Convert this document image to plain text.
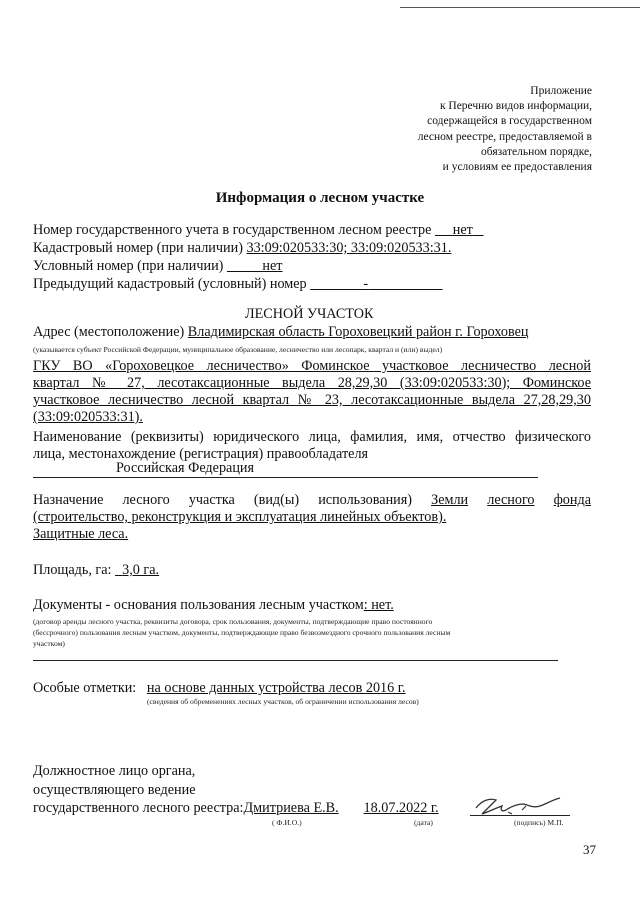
Приложение
к Перечню видов информации,
содержащейся в государственном
лесном реестре, предоставляемой в
обязательном порядке,
и условиям ее предоставления
Информация о лесном участке
Номер государственного учета в государственном лесном реестре нет
Кадастровый номер (при наличии) 33:09:020533:30; 33:09:020533:31.
Условный номер (при наличии)	нет
Предыдущий кадастровый (условный) номер	-
ЛЕСНОЙ УЧАСТОК
Адрес (местоположение) Владимирская область Гороховецкий район г. Гороховец
(указывается субъект Российской Федерации, муниципальное образование, лесничество или лесопарк, квартал и (или) выдел)
ГКУ ВО «Гороховецкое лесничество» Фоминское участковое лесничество лесной
квартал № 27, лесотаксационные выдела 28,29,30 (33:09:020533:30); Фоминское
участковое лесничество лесной квартал № 23, лесотаксационные выдела 27,28,29,30
(33:09:020533:31).
Наименование (реквизиты) юридического лица, фамилия, имя, отчество физического
лица, местонахождение (регистрация) правообладателя
Российская Федерация
Назначение лесного участка (вид(ы) использования) Земли лесного фонда
(строительство, реконструкция и эксплуатация линейных объектов).
Защитные леса.
Площадь, га: 3,0 га.
Документы - основания пользования лесным участком: нет.
(договор аренды лесного участка, реквизиты договора, срок пользования, документы, подтверждающие право постоянного
(бессрочного) пользования лесным участком, документы, подтверждающие право безвозмездного срочного пользования лесным
участком)
Особые отметки: на основе данных устройства лесов 2016 г.
(сведения об обременениях лесных участков, об ограничении использования лесов)
Должностное лицо органа,
осуществляющего ведение
государственного лесного реестра:Дмитриева Е.В. 18.07.2022 г.
( Ф.И.О.)	(дата)	(подпись) М.П.
37
